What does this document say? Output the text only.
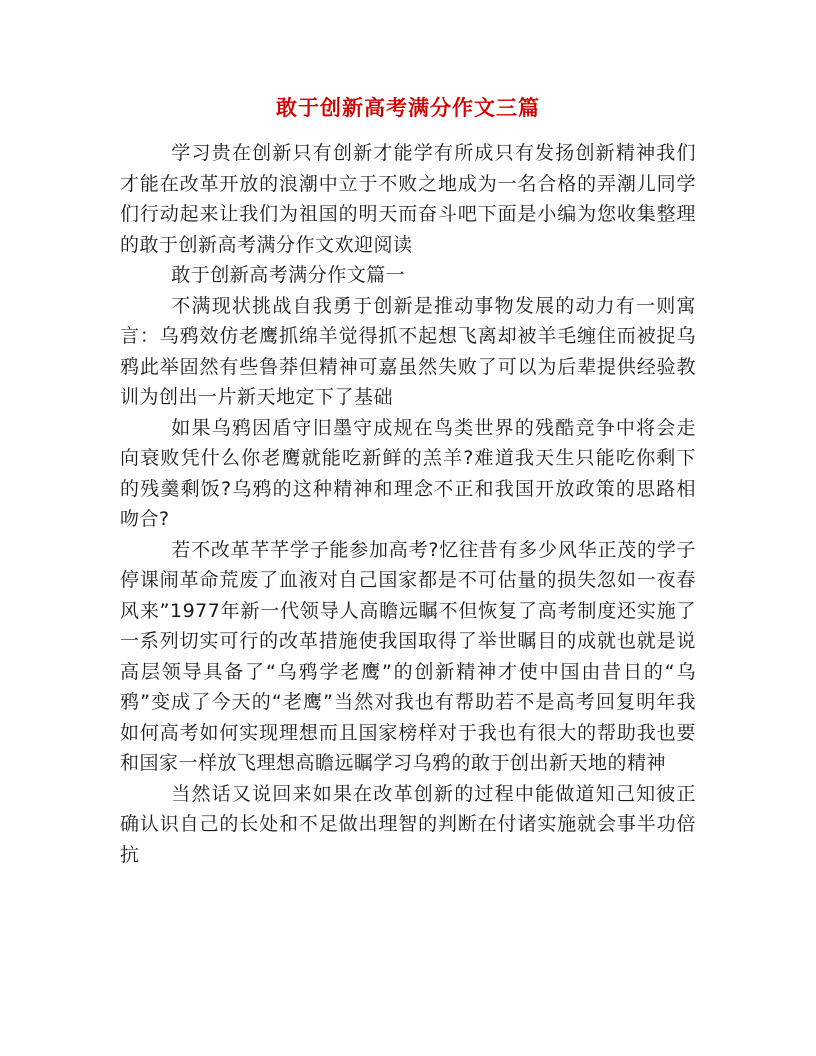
敢于创新高考满分作文三篇

学习贵在创新只有创新才能学有所成只有发扬创新精神我们才能在改革开放的浪潮中立于不败之地成为一名合格的弄潮儿同学们行动起来让我们为祖国的明天而奋斗吧下面是小编为您收集整理的敢于创新高考满分作文欢迎阅读

敢于创新高考满分作文篇一

不满现状挑战自我勇于创新是推动事物发展的动力有一则寓言：乌鸦效仿老鹰抓绵羊觉得抓不起想飞离却被羊毛缠住而被捉乌鸦此举固然有些鲁莽但精神可嘉虽然失败了可以为后辈提供经验教训为创出一片新天地定下了基础

如果乌鸦因盾守旧墨守成规在鸟类世界的残酷竞争中将会走向衰败凭什么你老鹰就能吃新鲜的羔羊?难道我天生只能吃你剩下的残羹剩饭?乌鸦的这种精神和理念不正和我国开放政策的思路相吻合?

若不改革芊芊学子能参加高考?忆往昔有多少风华正茂的学子停课闹革命荒废了血液对自己国家都是不可估量的损失忽如一夜春风来”1977年新一代领导人高瞻远瞩不但恢复了高考制度还实施了一系列切实可行的改革措施使我国取得了举世瞩目的成就也就是说高层领导具备了“乌鸦学老鹰”的创新精神才使中国由昔日的“乌鸦”变成了今天的“老鹰”当然对我也有帮助若不是高考回复明年我如何高考如何实现理想而且国家榜样对于我也有很大的帮助我也要和国家一样放飞理想高瞻远瞩学习乌鸦的敢于创出新天地的精神

当然话又说回来如果在改革创新的过程中能做道知己知彼正确认识自己的长处和不足做出理智的判断在付诸实施就会事半功倍抗
